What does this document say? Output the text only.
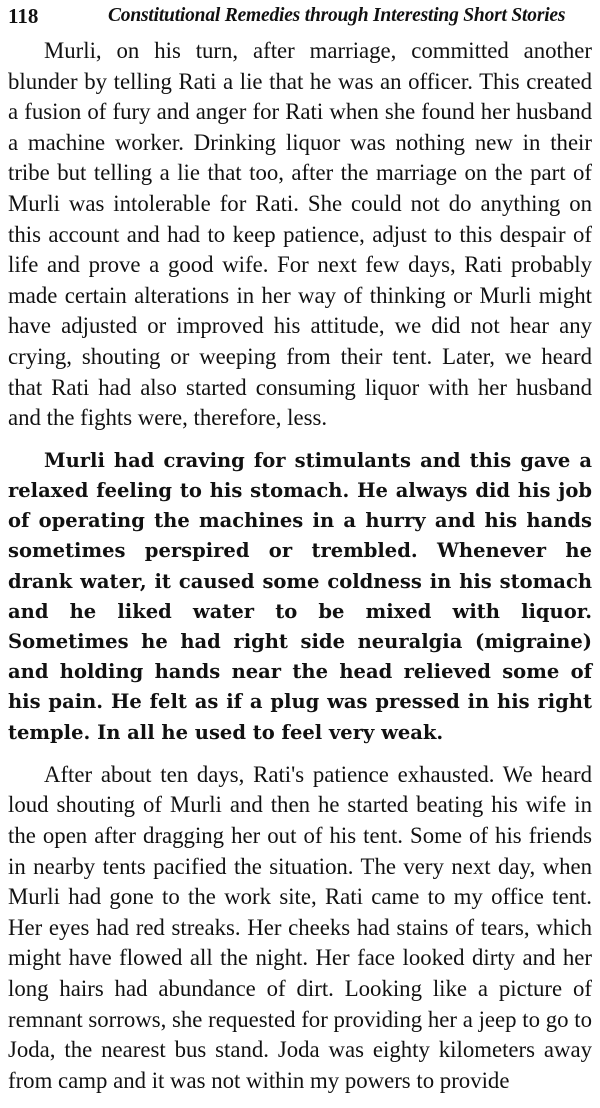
118	Constitutional Remedies through Interesting Short Stories

Murli, on his turn, after marriage, committed another blunder by telling Rati a lie that he was an officer. This created a fusion of fury and anger for Rati when she found her husband a machine worker. Drinking liquor was nothing new in their tribe but telling a lie that too, after the marriage on the part of Murli was intolerable for Rati. She could not do anything on this account and had to keep patience, adjust to this despair of life and prove a good wife. For next few days, Rati probably made certain alterations in her way of thinking or Murli might have adjusted or improved his attitude, we did not hear any crying, shouting or weeping from their tent. Later, we heard that Rati had also started consuming liquor with her husband and the fights were, therefore, less.

Murli had craving for stimulants and this gave a relaxed feeling to his stomach. He always did his job of operating the machines in a hurry and his hands sometimes perspired or trembled. Whenever he drank water, it caused some coldness in his stomach and he liked water to be mixed with liquor. Sometimes he had right side neuralgia (migraine) and holding hands near the head relieved some of his pain. He felt as if a plug was pressed in his right temple. In all he used to feel very weak.

After about ten days, Rati's patience exhausted. We heard loud shouting of Murli and then he started beating his wife in the open after dragging her out of his tent. Some of his friends in nearby tents pacified the situation. The very next day, when Murli had gone to the work site, Rati came to my office tent. Her eyes had red streaks. Her cheeks had stains of tears, which might have flowed all the night. Her face looked dirty and her long hairs had abundance of dirt. Looking like a picture of remnant sorrows, she requested for providing her a jeep to go to Joda, the nearest bus stand. Joda was eighty kilometers away from camp and it was not within my powers to provide
